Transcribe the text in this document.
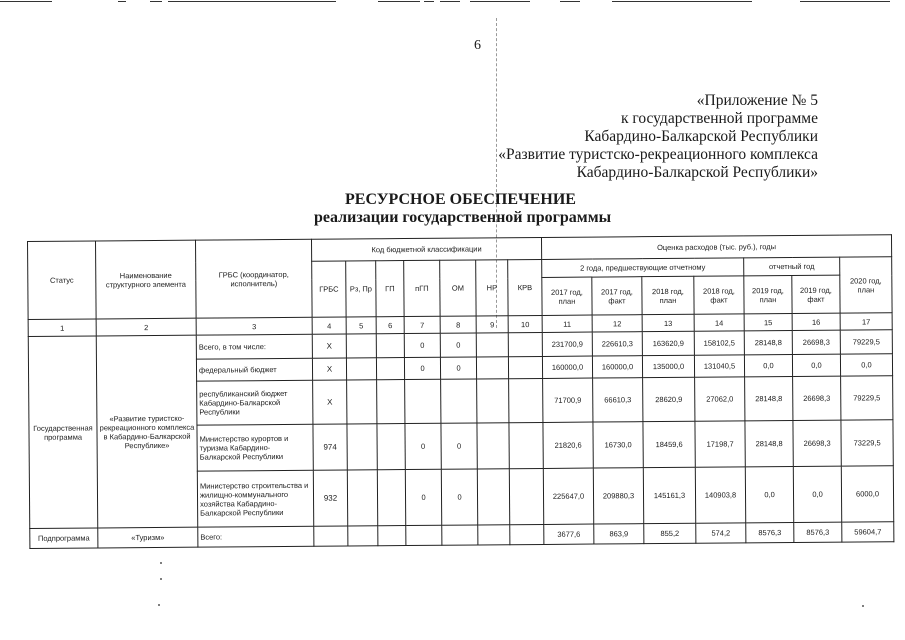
6
«Приложение № 5
к государственной программе
Кабардино-Балкарской Республики
«Развитие туристско-рекреационного комплекса
Кабардино-Балкарской Республики»
РЕСУРСНОЕ ОБЕСПЕЧЕНИЕ
реализации государственной программы
Статус	Наименование структурного элемента	ГРБС (координатор, исполнитель)	Код бюджетной классификации							Оценка расходов (тыс. руб.), годы						
			ГРБС	Рз, Пр	ГП	пГП	ОМ	НР	КРВ	2 года, предшествующие отчетному				отчетный год		2020 год, план
										2017 год, план	2017 год, факт	2018 год, план	2018 год, факт	2019 год, план	2019 год, факт	
1	2	3	4	5	6	7	8	9	10	11	12	13	14	15	16	17
Государственная программа	«Развитие туристско-рекреационного комплекса в Кабардино-Балкарской Республике»	Всего, в том числе:	Х			0	0			231700,9	226610,3	163620,9	158102,5	28148,8	26698,3	79229,5
		федеральный бюджет	Х			0	0			160000,0	160000,0	135000,0	131040,5	0,0	0,0	0,0
		республиканский бюджет Кабардино-Балкарской Республики	Х							71700,9	66610,3	28620,9	27062,0	28148,8	26698,3	79229,5
		Министерство курортов и туризма Кабардино-Балкарской Республики	974			0	0			21820,6	16730,0	18459,6	17198,7	28148,8	26698,3	73229,5
		Министерство строительства и жилищно-коммунального хозяйства Кабардино-Балкарской Республики	932			0	0			225647,0	209880,3	145161,3	140903,8	0,0	0,0	6000,0
Подпрограмма	«Туризм»	Всего:								3677,6	863,9	855,2	574,2	8576,3	8576,3	59604,7
